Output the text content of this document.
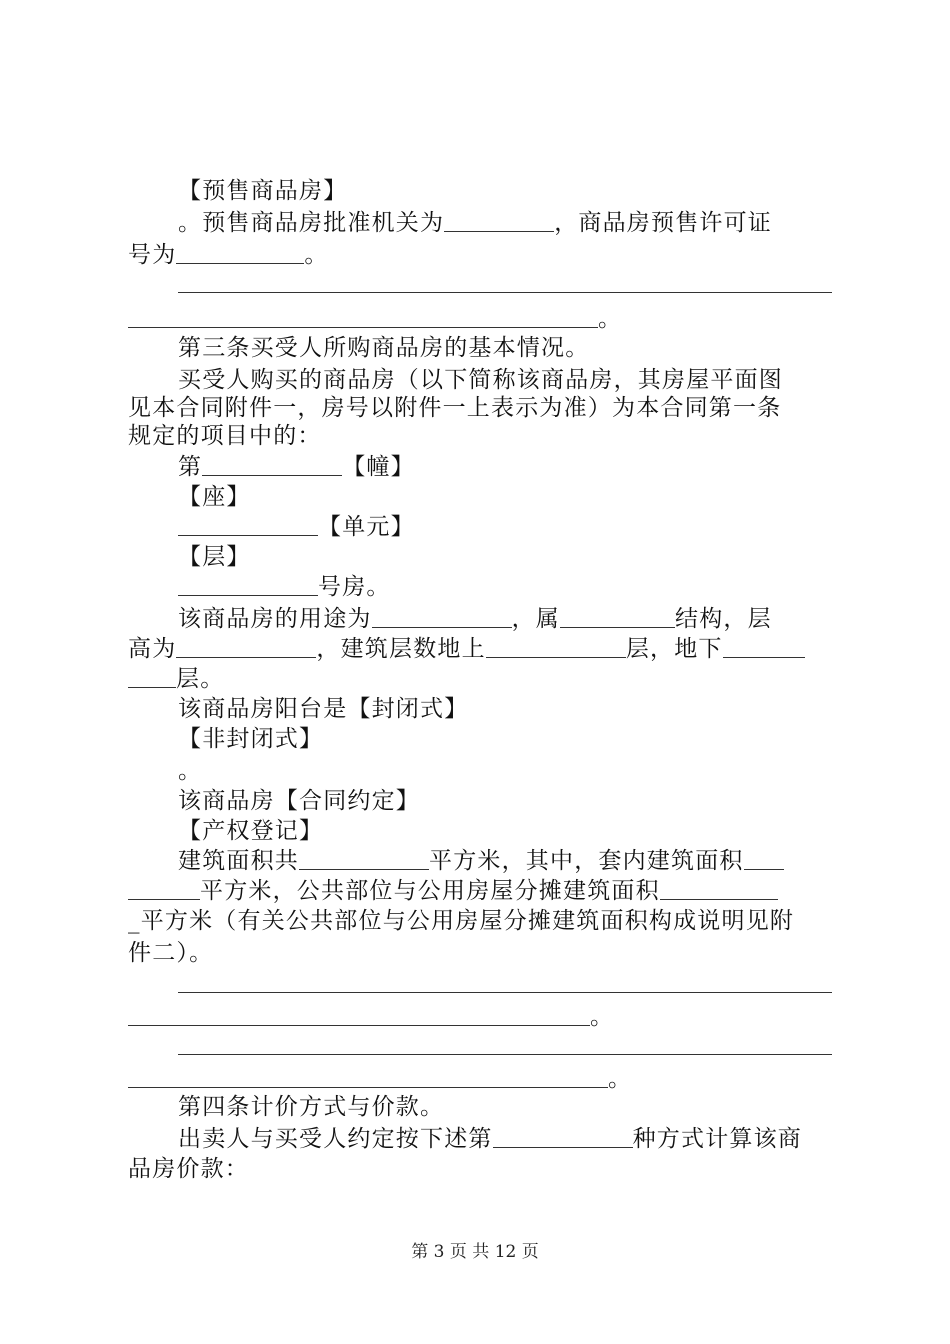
【预售商品房】
。预售商品房批准机关为	，商品房预售许可证
号为	。
。
第三条买受人所购商品房的基本情况。
买受人购买的商品房（以下简称该商品房，其房屋平面图
见本合同附件一，房号以附件一上表示为准）为本合同第一条
规定的项目中的：
第	【幢】
【座】
【单元】
【层】
号房。
该商品房的用途为	，属	结构，层
高为	，建筑层数地上	层，地下
层。
该商品房阳台是【封闭式】
【非封闭式】
。
该商品房【合同约定】
【产权登记】
建筑面积共	平方米，其中，套内建筑面积
平方米，公共部位与公用房屋分摊建筑面积
_平方米（有关公共部位与公用房屋分摊建筑面积构成说明见附
件二）。
。
。
第四条计价方式与价款。
出卖人与买受人约定按下述第	种方式计算该商
品房价款：
第 3 页 共 12 页
